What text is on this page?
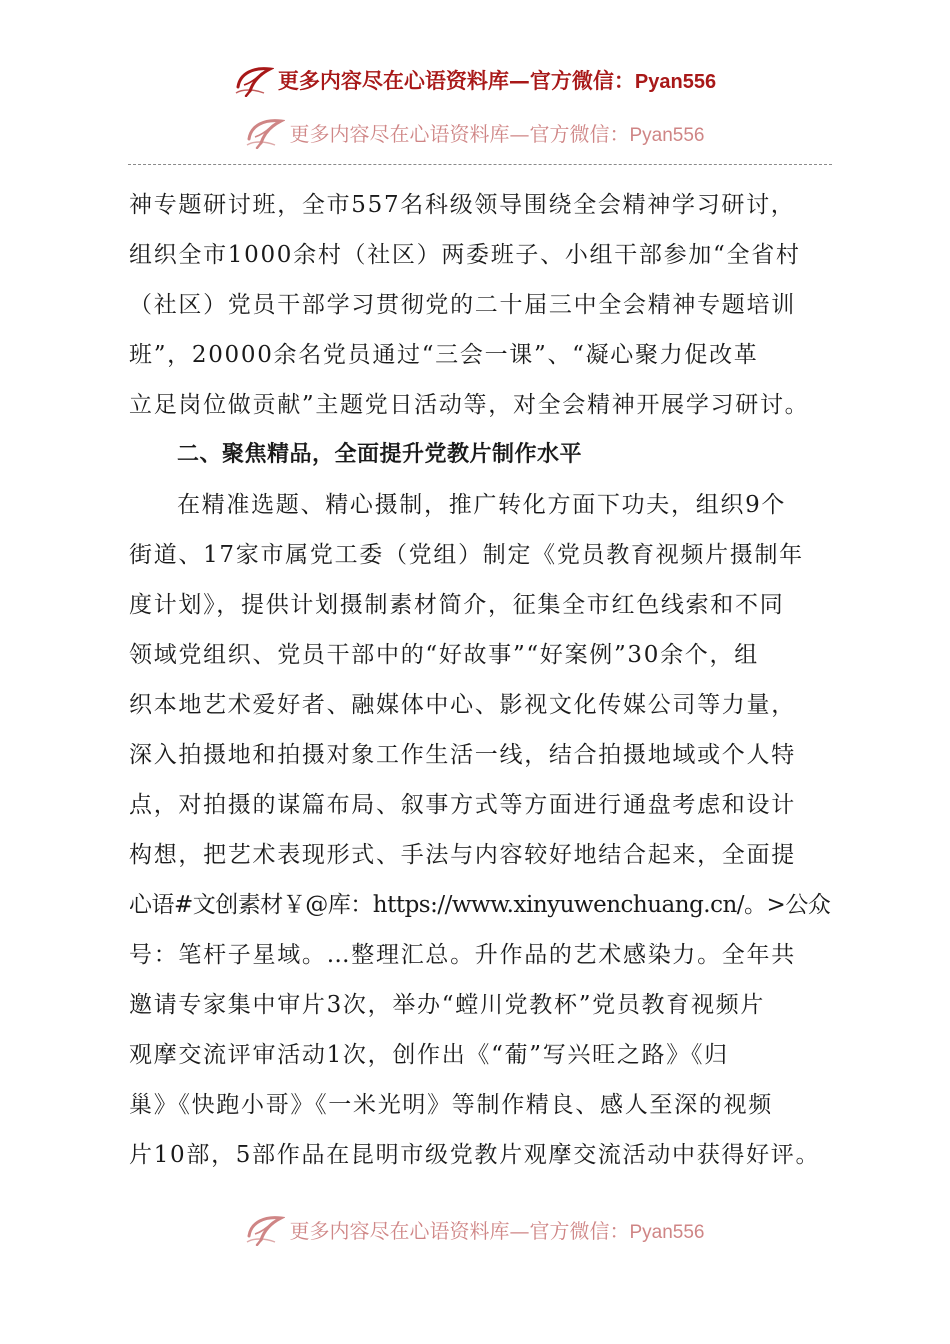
更多内容尽在心语资料库—官方微信：Pyan556
更多内容尽在心语资料库—官方微信：Pyan556

神专题研讨班，全市557名科级领导围绕全会精神学习研讨，
组织全市1000余村（社区）两委班子、小组干部参加“全省村
（社区）党员干部学习贯彻党的二十届三中全会精神专题培训
班”，20000余名党员通过“三会一课”、“凝心聚力促改革
立足岗位做贡献”主题党日活动等，对全会精神开展学习研讨。

二、聚焦精品，全面提升党教片制作水平

在精准选题、精心摄制，推广转化方面下功夫，组织9个
街道、17家市属党工委（党组）制定《党员教育视频片摄制年
度计划》，提供计划摄制素材简介，征集全市红色线索和不同
领域党组织、党员干部中的“好故事”“好案例”30余个，组
织本地艺术爱好者、融媒体中心、影视文化传媒公司等力量，
深入拍摄地和拍摄对象工作生活一线，结合拍摄地域或个人特
点，对拍摄的谋篇布局、叙事方式等方面进行通盘考虑和设计
构想，把艺术表现形式、手法与内容较好地结合起来，全面提
心语#文创素材￥@库：https://www.xinyuwenchuang.cn/。>公众
号：笔杆子星域。…整理汇总。升作品的艺术感染力。全年共
邀请专家集中审片3次，举办“螳川党教杯”党员教育视频片
观摩交流评审活动1次，创作出《“葡”写兴旺之路》《归
巢》《快跑小哥》《一米光明》等制作精良、感人至深的视频
片10部，5部作品在昆明市级党教片观摩交流活动中获得好评。

更多内容尽在心语资料库—官方微信：Pyan556
